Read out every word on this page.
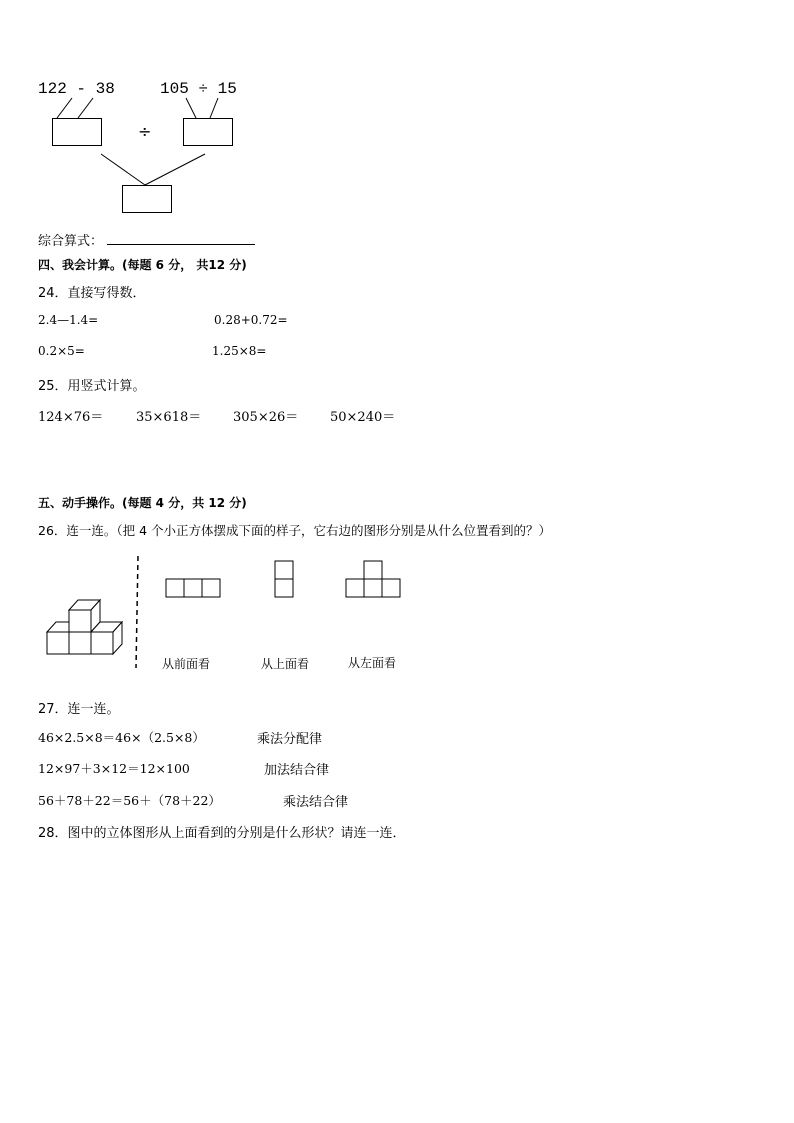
122 - 38	105 ÷ 15
÷
综合算式：
四、我会计算。(每题 6 分， 共12 分)
24．直接写得数．
2.4—1.4=	0.28+0.72=
0.2×5=	1.25×8=
25．用竖式计算。
124×76＝	35×618＝ 305×26＝ 50×240＝
五、动手操作。(每题 4 分，共 12 分)
26．连一连。（把 4 个小正方体摆成下面的样子，它右边的图形分别是从什么位置看到的？）
从前面看	从上面看	从左面看
27．连一连。
46×2.5×8＝46×（2.5×8）	乘法分配律
12×97＋3×12＝12×100	加法结合律
56＋78＋22＝56＋（78＋22）	乘法结合律
28．图中的立体图形从上面看到的分别是什么形状？请连一连．
